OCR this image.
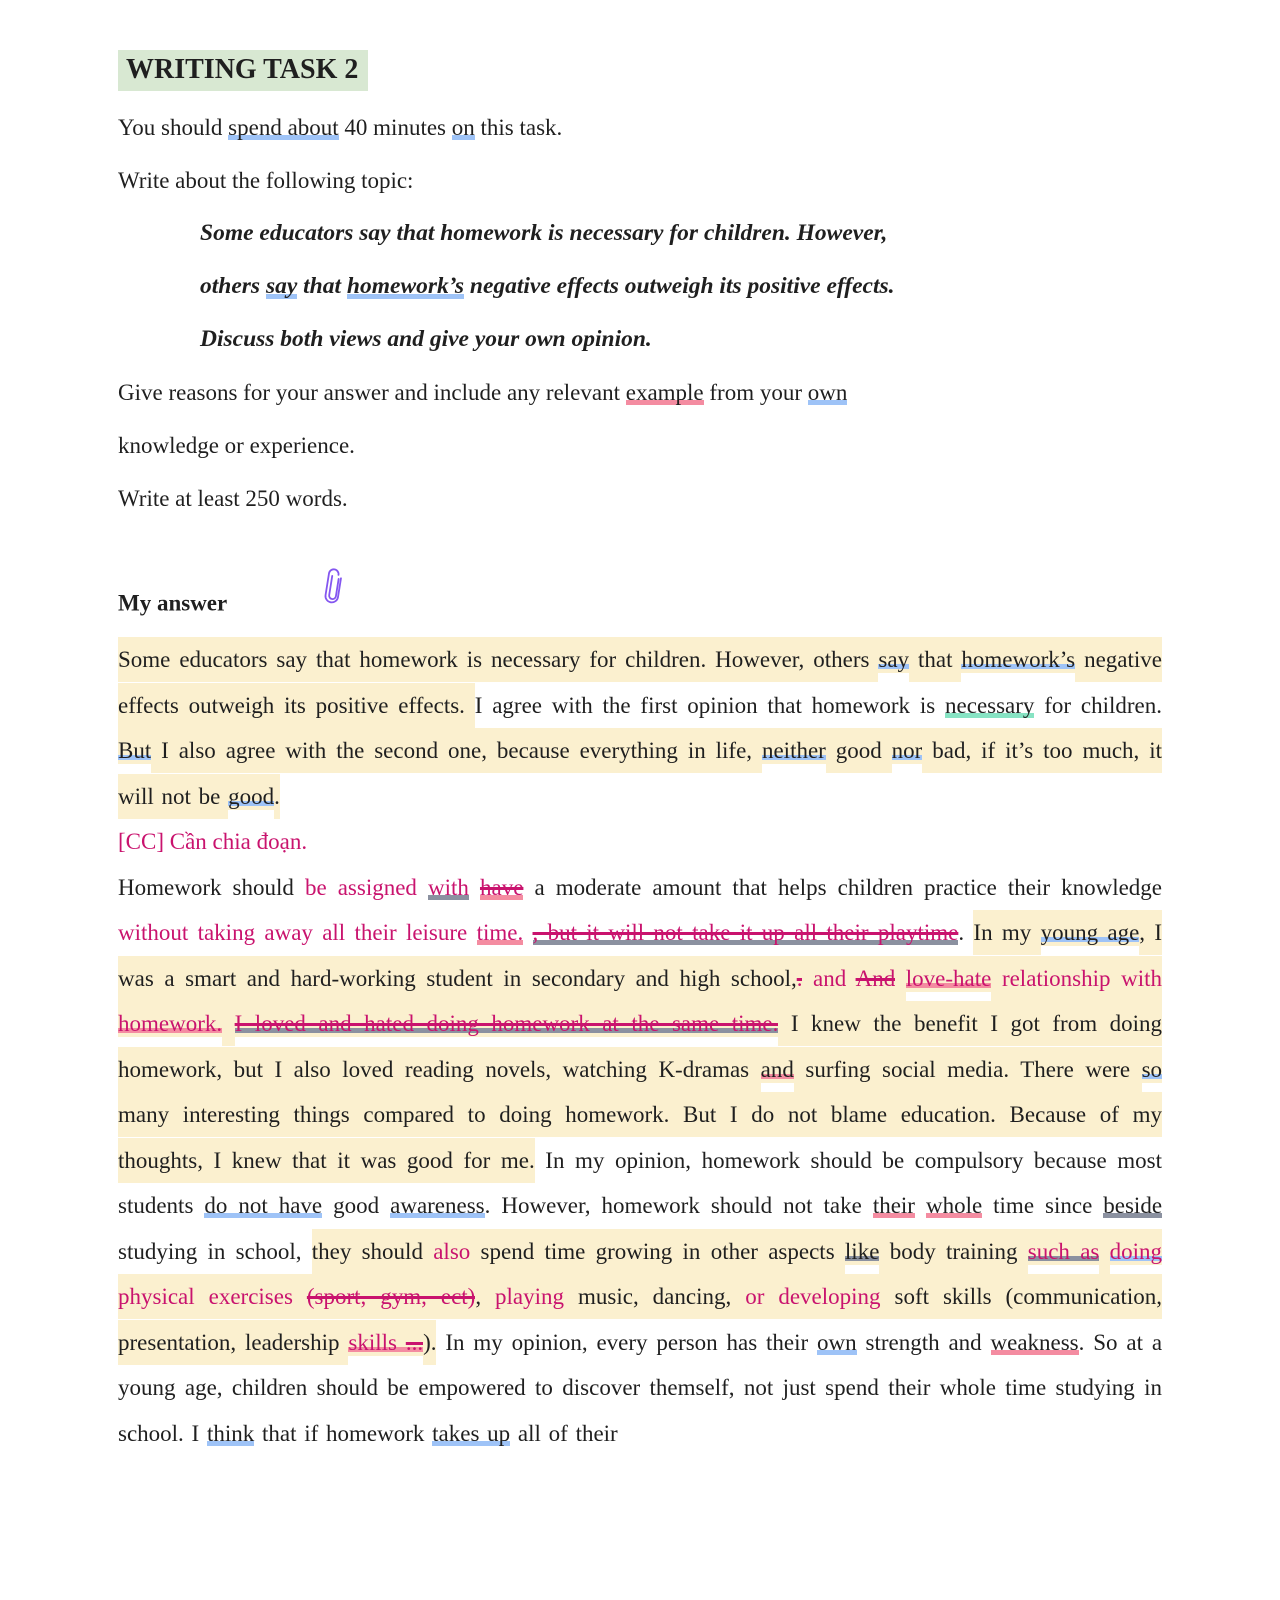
WRITING TASK 2
You should spend about 40 minutes on this task.
Write about the following topic:
Some educators say that homework is necessary for children. However,
others say that homework’s negative effects outweigh its positive effects.
Discuss both views and give your own opinion.
Give reasons for your answer and include any relevant example from your own
knowledge or experience.
Write at least 250 words.
My answer
Some educators say that homework is necessary for children. However, others say that homework’s negative effects outweigh its positive effects. I agree with the first opinion that homework is necessary for children. But I also agree with the second one, because everything in life, neither good nor bad, if it’s too much, it will not be good.
[CC] Cần chia đoạn.
Homework should be assigned with have a moderate amount that helps children practice their knowledge without taking away all their leisure time. , but it will not take it up all their playtime. In my young age, I was a smart and hard-working student in secondary and high school,. and And love-hate relationship with homework. I loved and hated doing homework at the same time. I knew the benefit I got from doing homework, but I also loved reading novels, watching K-dramas and surfing social media. There were so many interesting things compared to doing homework. But I do not blame education. Because of my thoughts, I knew that it was good for me. In my opinion, homework should be compulsory because most students do not have good awareness. However, homework should not take their whole time since beside studying in school, they should also spend time growing in other aspects like body training such as doing physical exercises (sport, gym, ect), playing music, dancing, or developing soft skills (communication, presentation, leadership skills ...). In my opinion, every person has their own strength and weakness. So at a young age, children should be empowered to discover themself, not just spend their whole time studying in school. I think that if homework takes up all of their
